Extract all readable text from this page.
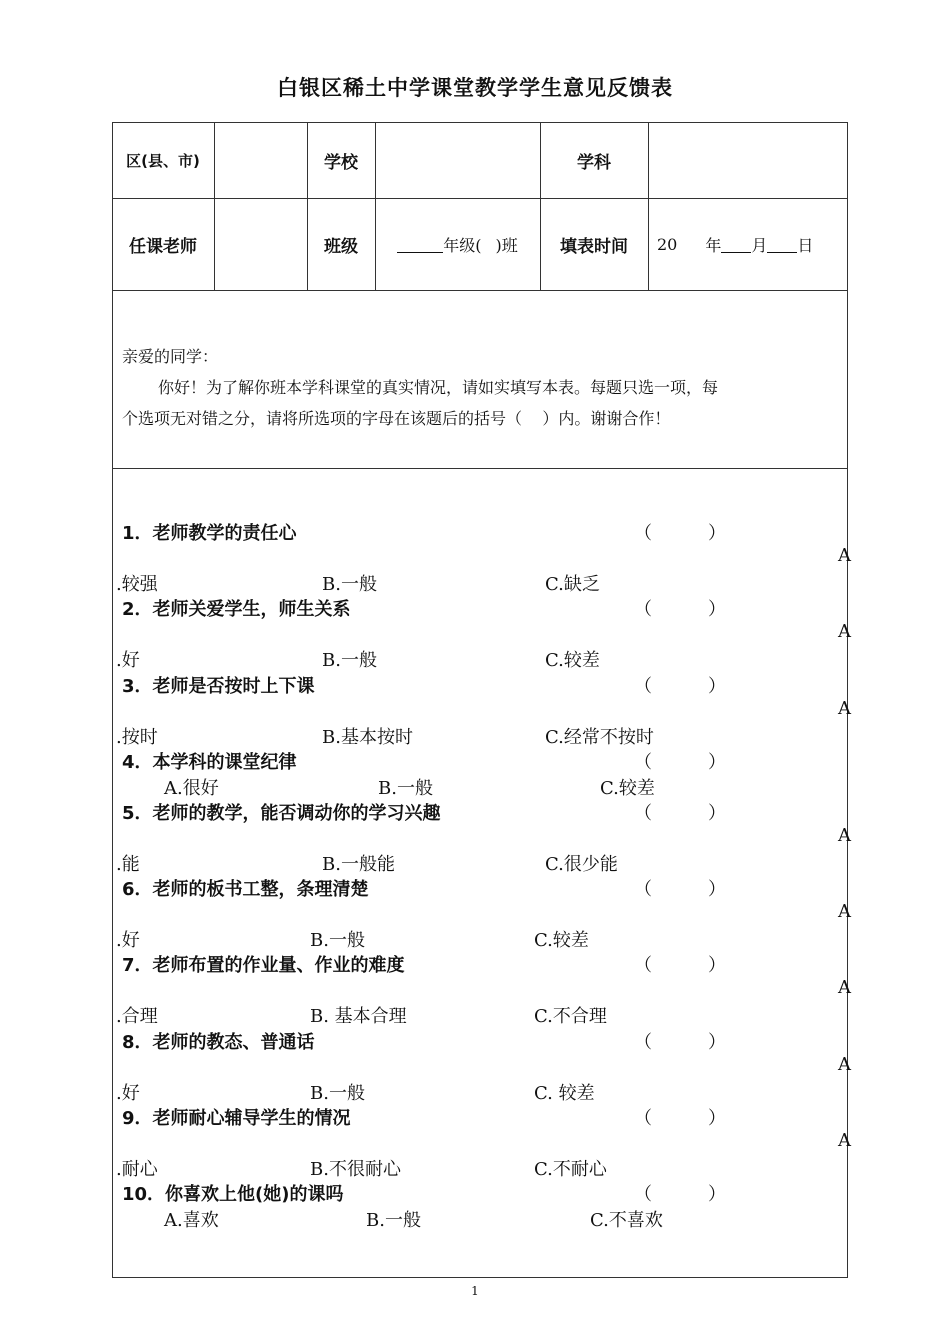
白银区稀土中学课堂教学学生意见反馈表
区(县、市)	学校	学科
任课老师	班级	年级( )班	填表时间	20 年 月 日
亲爱的同学：
你好！为了解你班本学科课堂的真实情况，请如实填写本表。每题只选一项，每
个选项无对错之分，请将所选项的字母在该题后的括号（    ）内。谢谢合作！
1．老师教学的责任心	（	）
.较强	B.一般	C.缺乏
A
2．老师关爱学生，师生关系	（	）
.好	B.一般	C.较差
A
3．老师是否按时上下课	（	）
.按时	B.基本按时	C.经常不按时
A
4．本学科的课堂纪律	（	）
A.很好	B.一般	C.较差
5．老师的教学，能否调动你的学习兴趣	（	）
.能	B.一般能	C.很少能
A
6．老师的板书工整，条理清楚	（	）
.好	B.一般	C.较差
A
7．老师布置的作业量、作业的难度	（	）
.合理	B. 基本合理	C.不合理
A
8．老师的教态、普通话	（	）
.好	B.一般	C. 较差
A
9．老师耐心辅导学生的情况	（	）
.耐心	B.不很耐心	C.不耐心
A
10．你喜欢上他(她)的课吗	（	）
A.喜欢	B.一般	C.不喜欢
1
